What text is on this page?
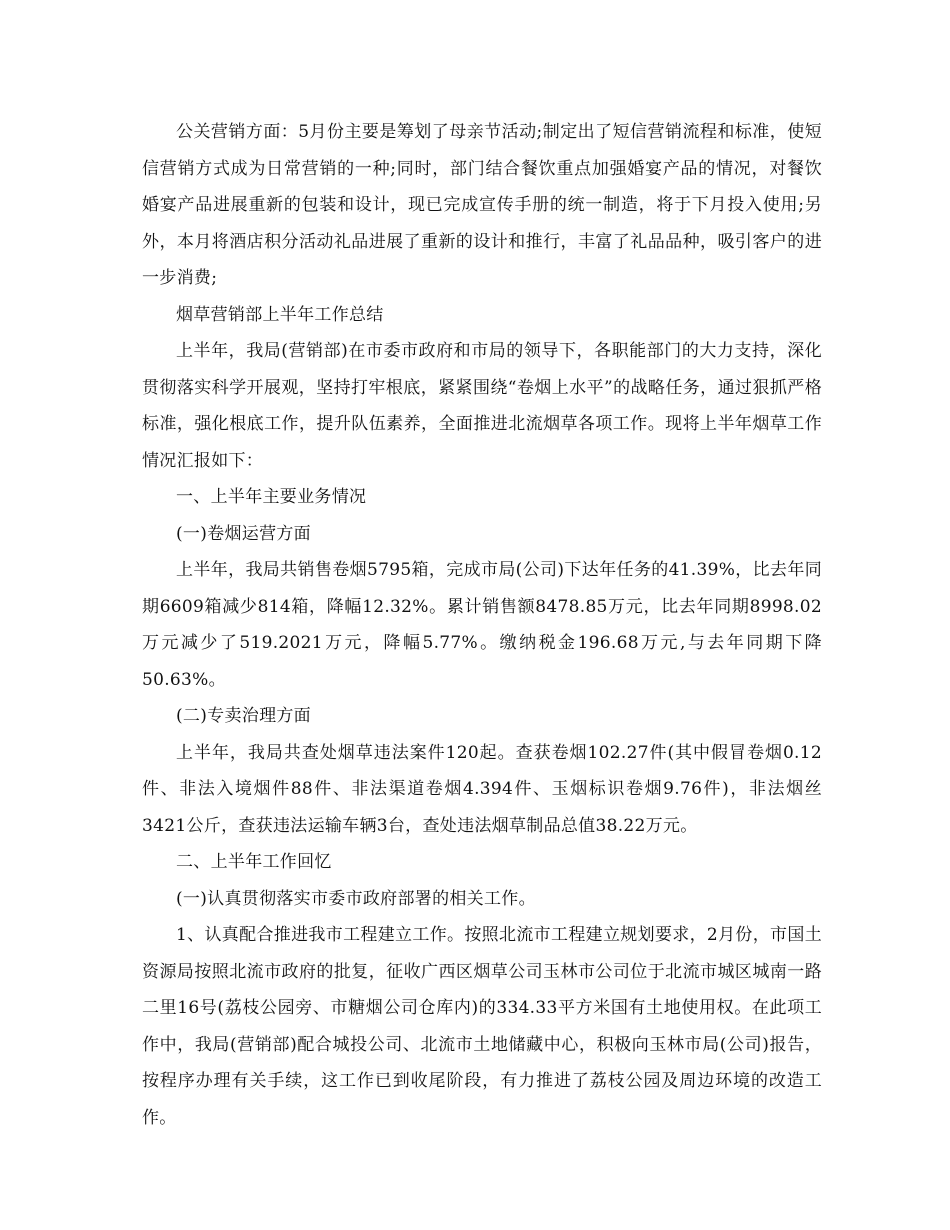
公关营销方面：5月份主要是筹划了母亲节活动;制定出了短信营销流程和标准，使短信营销方式成为日常营销的一种;同时，部门结合餐饮重点加强婚宴产品的情况，对餐饮婚宴产品进展重新的包装和设计，现已完成宣传手册的统一制造，将于下月投入使用;另外，本月将酒店积分活动礼品进展了重新的设计和推行，丰富了礼品品种，吸引客户的进一步消费;

烟草营销部上半年工作总结

上半年，我局(营销部)在市委市政府和市局的领导下，各职能部门的大力支持，深化贯彻落实科学开展观，坚持打牢根底，紧紧围绕“卷烟上水平”的战略任务，通过狠抓严格标准，强化根底工作，提升队伍素养，全面推进北流烟草各项工作。现将上半年烟草工作情况汇报如下：

一、上半年主要业务情况

(一)卷烟运营方面

上半年，我局共销售卷烟5795箱，完成市局(公司)下达年任务的41.39%，比去年同期6609箱减少814箱，降幅12.32%。累计销售额8478.85万元，比去年同期8998.02万元减少了519.2021万元，降幅5.77%。缴纳税金196.68万元,与去年同期下降50.63%。

(二)专卖治理方面

上半年，我局共查处烟草违法案件120起。查获卷烟102.27件(其中假冒卷烟0.12件、非法入境烟件88件、非法渠道卷烟4.394件、玉烟标识卷烟9.76件)，非法烟丝3421公斤，查获违法运输车辆3台，查处违法烟草制品总值38.22万元。

二、上半年工作回忆

(一)认真贯彻落实市委市政府部署的相关工作。

1、认真配合推进我市工程建立工作。按照北流市工程建立规划要求，2月份，市国土资源局按照北流市政府的批复，征收广西区烟草公司玉林市公司位于北流市城区城南一路二里16号(荔枝公园旁、市糖烟公司仓库内)的334.33平方米国有土地使用权。在此项工作中，我局(营销部)配合城投公司、北流市土地储藏中心，积极向玉林市局(公司)报告，按程序办理有关手续，这工作已到收尾阶段，有力推进了荔枝公园及周边环境的改造工作。
